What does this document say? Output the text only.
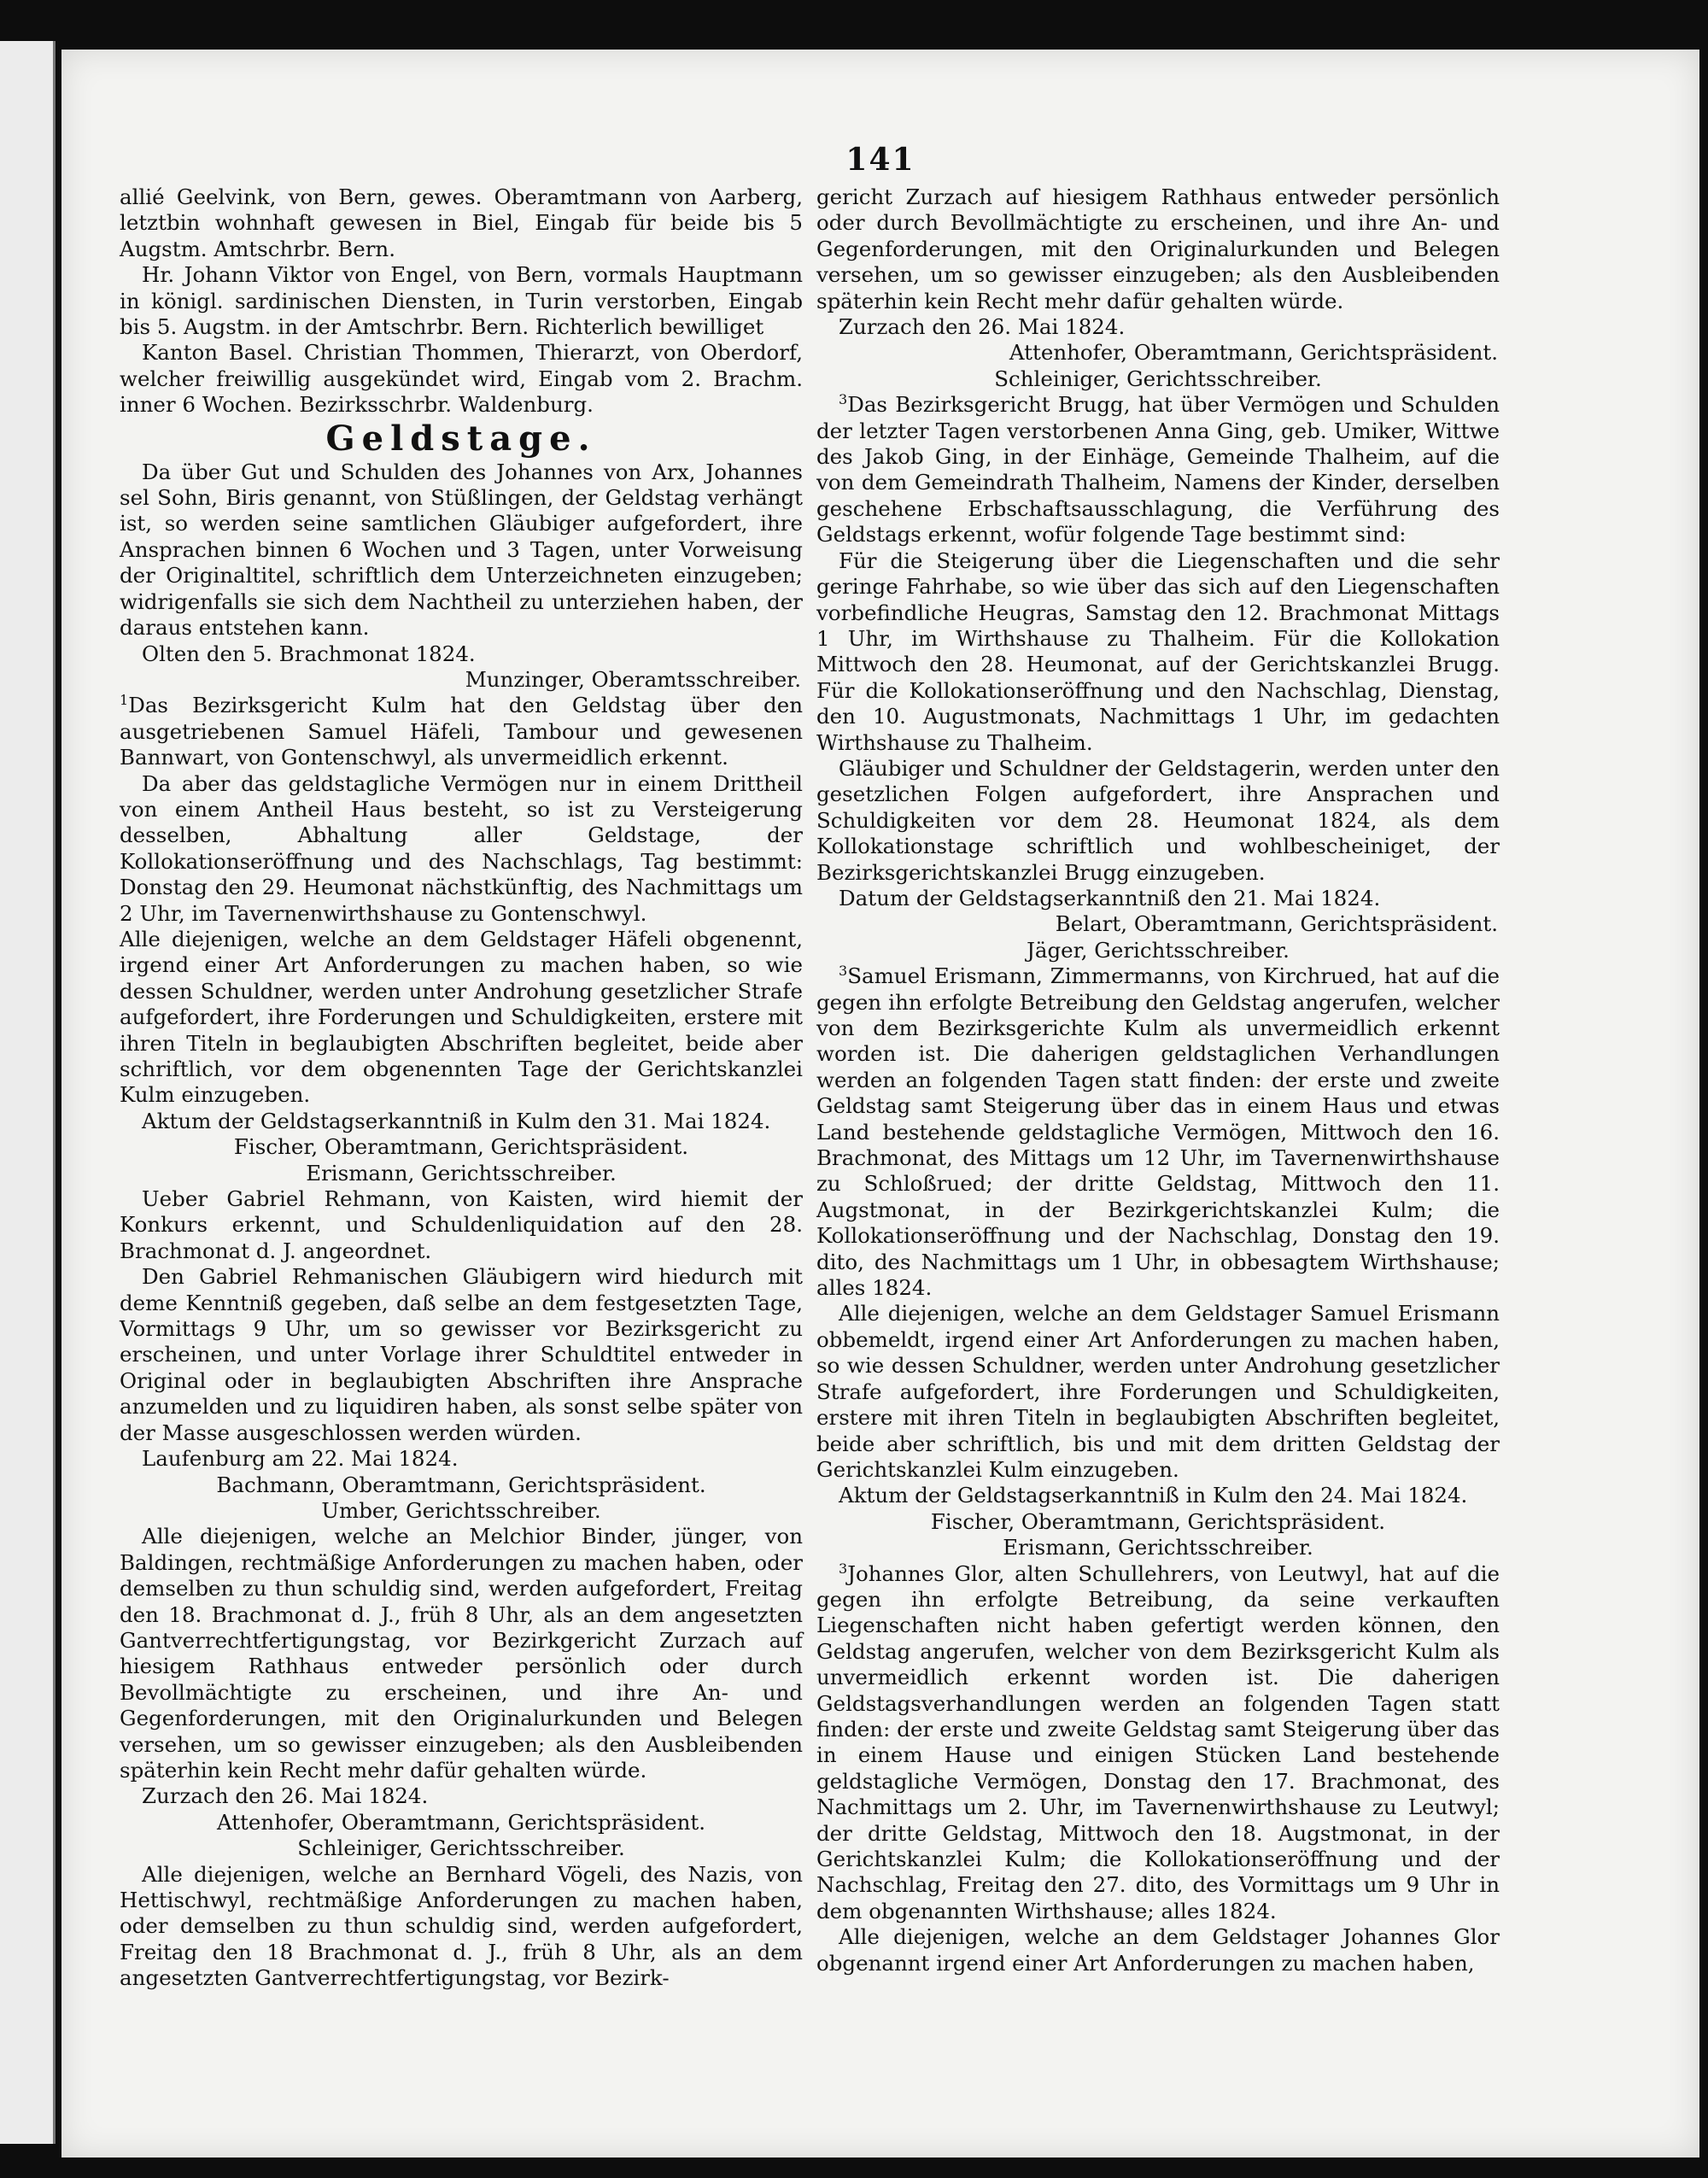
141

allié Geelvink, von Bern, gewes. Oberamtmann von Aarberg, letztbin wohnhaft gewesen in Biel, Eingab für beide bis 5 Augstm. Amtschrbr. Bern.

Hr. Johann Viktor von Engel, von Bern, vormals Hauptmann in königl. sardinischen Diensten, in Turin verstorben, Eingab bis 5. Augstm. in der Amtschrbr. Bern. Richterlich bewilliget

Kanton Basel. Christian Thommen, Thierarzt, von Oberdorf, welcher freiwillig ausgekündet wird, Eingab vom 2. Brachm. inner 6 Wochen. Bezirksschrbr. Waldenburg.

Geldstage.

Da über Gut und Schulden des Johannes von Arx, Johannes sel Sohn, Biris genannt, von Stüßlingen, der Geldstag verhängt ist, so werden seine samtlichen Gläubiger aufgefordert, ihre Ansprachen binnen 6 Wochen und 3 Tagen, unter Vorweisung der Originaltitel, schriftlich dem Unterzeichneten einzugeben; widrigenfalls sie sich dem Nachtheil zu unterziehen haben, der daraus entstehen kann.

Olten den 5. Brachmonat 1824.

Munzinger, Oberamtsschreiber.

$^1$Das Bezirksgericht Kulm hat den Geldstag über den ausgetriebenen Samuel Häfeli, Tambour und gewesenen Bannwart, von Gontenschwyl, als unvermeidlich erkennt.

Da aber das geldstagliche Vermögen nur in einem Drittheil von einem Antheil Haus besteht, so ist zu Versteigerung desselben, Abhaltung aller Geldstage, der Kollokationseröffnung und des Nachschlags, Tag bestimmt: Donstag den 29. Heumonat nächstkünftig, des Nachmittags um 2 Uhr, im Tavernenwirthshause zu Gontenschwyl.

Alle diejenigen, welche an dem Geldstager Häfeli obgenennt, irgend einer Art Anforderungen zu machen haben, so wie dessen Schuldner, werden unter Androhung gesetzlicher Strafe aufgefordert, ihre Forderungen und Schuldigkeiten, erstere mit ihren Titeln in beglaubigten Abschriften begleitet, beide aber schriftlich, vor dem obgenennten Tage der Gerichtskanzlei Kulm einzugeben.

Aktum der Geldstagserkanntniß in Kulm den 31. Mai 1824.

Fischer, Oberamtmann, Gerichtspräsident.

Erismann, Gerichtsschreiber.

Ueber Gabriel Rehmann, von Kaisten, wird hiemit der Konkurs erkennt, und Schuldenliquidation auf den 28. Brachmonat d. J. angeordnet.

Den Gabriel Rehmanischen Gläubigern wird hiedurch mit deme Kenntniß gegeben, daß selbe an dem festgesetzten Tage, Vormittags 9 Uhr, um so gewisser vor Bezirksgericht zu erscheinen, und unter Vorlage ihrer Schuldtitel entweder in Original oder in beglaubigten Abschriften ihre Ansprache anzumelden und zu liquidiren haben, als sonst selbe später von der Masse ausgeschlossen werden würden.

Laufenburg am 22. Mai 1824.

Bachmann, Oberamtmann, Gerichtspräsident.

Umber, Gerichtsschreiber.

Alle diejenigen, welche an Melchior Binder, jünger, von Baldingen, rechtmäßige Anforderungen zu machen haben, oder demselben zu thun schuldig sind, werden aufgefordert, Freitag den 18. Brachmonat d. J., früh 8 Uhr, als an dem angesetzten Gantverrechtfertigungstag, vor Bezirkgericht Zurzach auf hiesigem Rathhaus entweder persönlich oder durch Bevollmächtigte zu erscheinen, und ihre An- und Gegenforderungen, mit den Originalurkunden und Belegen versehen, um so gewisser einzugeben; als den Ausbleibenden späterhin kein Recht mehr dafür gehalten würde.

Zurzach den 26. Mai 1824.

Attenhofer, Oberamtmann, Gerichtspräsident.

Schleiniger, Gerichtsschreiber.

Alle diejenigen, welche an Bernhard Vögeli, des Nazis, von Hettischwyl, rechtmäßige Anforderungen zu machen haben, oder demselben zu thun schuldig sind, werden aufgefordert, Freitag den 18 Brachmonat d. J., früh 8 Uhr, als an dem angesetzten Gantverrechtfertigungstag, vor Bezirk-

gericht Zurzach auf hiesigem Rathhaus entweder persönlich oder durch Bevollmächtigte zu erscheinen, und ihre An- und Gegenforderungen, mit den Originalurkunden und Belegen versehen, um so gewisser einzugeben; als den Ausbleibenden späterhin kein Recht mehr dafür gehalten würde.

Zurzach den 26. Mai 1824.

Attenhofer, Oberamtmann, Gerichtspräsident.

Schleiniger, Gerichtsschreiber.

$^3$Das Bezirksgericht Brugg, hat über Vermögen und Schulden der letzter Tagen verstorbenen Anna Ging, geb. Umiker, Wittwe des Jakob Ging, in der Einhäge, Gemeinde Thalheim, auf die von dem Gemeindrath Thalheim, Namens der Kinder, derselben geschehene Erbschaftsausschlagung, die Verführung des Geldstags erkennt, wofür folgende Tage bestimmt sind:

Für die Steigerung über die Liegenschaften und die sehr geringe Fahrhabe, so wie über das sich auf den Liegenschaften vorbefindliche Heugras, Samstag den 12. Brachmonat Mittags 1 Uhr, im Wirthshause zu Thalheim. Für die Kollokation Mittwoch den 28. Heumonat, auf der Gerichtskanzlei Brugg. Für die Kollokationseröffnung und den Nachschlag, Dienstag, den 10. Augustmonats, Nachmittags 1 Uhr, im gedachten Wirthshause zu Thalheim.

Gläubiger und Schuldner der Geldstagerin, werden unter den gesetzlichen Folgen aufgefordert, ihre Ansprachen und Schuldigkeiten vor dem 28. Heumonat 1824, als dem Kollokationstage schriftlich und wohlbescheiniget, der Bezirksgerichtskanzlei Brugg einzugeben.

Datum der Geldstagserkanntniß den 21. Mai 1824.

Belart, Oberamtmann, Gerichtspräsident.

Jäger, Gerichtsschreiber.

$^3$Samuel Erismann, Zimmermanns, von Kirchrued, hat auf die gegen ihn erfolgte Betreibung den Geldstag angerufen, welcher von dem Bezirksgerichte Kulm als unvermeidlich erkennt worden ist. Die daherigen geldstaglichen Verhandlungen werden an folgenden Tagen statt finden: der erste und zweite Geldstag samt Steigerung über das in einem Haus und etwas Land bestehende geldstagliche Vermögen, Mittwoch den 16. Brachmonat, des Mittags um 12 Uhr, im Tavernenwirthshause zu Schloßrued; der dritte Geldstag, Mittwoch den 11. Augstmonat, in der Bezirkgerichtskanzlei Kulm; die Kollokationseröffnung und der Nachschlag, Donstag den 19. dito, des Nachmittags um 1 Uhr, in obbesagtem Wirthshause; alles 1824.

Alle diejenigen, welche an dem Geldstager Samuel Erismann obbemeldt, irgend einer Art Anforderungen zu machen haben, so wie dessen Schuldner, werden unter Androhung gesetzlicher Strafe aufgefordert, ihre Forderungen und Schuldigkeiten, erstere mit ihren Titeln in beglaubigten Abschriften begleitet, beide aber schriftlich, bis und mit dem dritten Geldstag der Gerichtskanzlei Kulm einzugeben.

Aktum der Geldstagserkanntniß in Kulm den 24. Mai 1824.

Fischer, Oberamtmann, Gerichtspräsident.

Erismann, Gerichtsschreiber.

$^3$Johannes Glor, alten Schullehrers, von Leutwyl, hat auf die gegen ihn erfolgte Betreibung, da seine verkauften Liegenschaften nicht haben gefertigt werden können, den Geldstag angerufen, welcher von dem Bezirksgericht Kulm als unvermeidlich erkennt worden ist. Die daherigen Geldstagsverhandlungen werden an folgenden Tagen statt finden: der erste und zweite Geldstag samt Steigerung über das in einem Hause und einigen Stücken Land bestehende geldstagliche Vermögen, Donstag den 17. Brachmonat, des Nachmittags um 2. Uhr, im Tavernenwirthshause zu Leutwyl; der dritte Geldstag, Mittwoch den 18. Augstmonat, in der Gerichtskanzlei Kulm; die Kollokationseröffnung und der Nachschlag, Freitag den 27. dito, des Vormittags um 9 Uhr in dem obgenannten Wirthshause; alles 1824.

Alle diejenigen, welche an dem Geldstager Johannes Glor obgenannt irgend einer Art Anforderungen zu machen haben,
